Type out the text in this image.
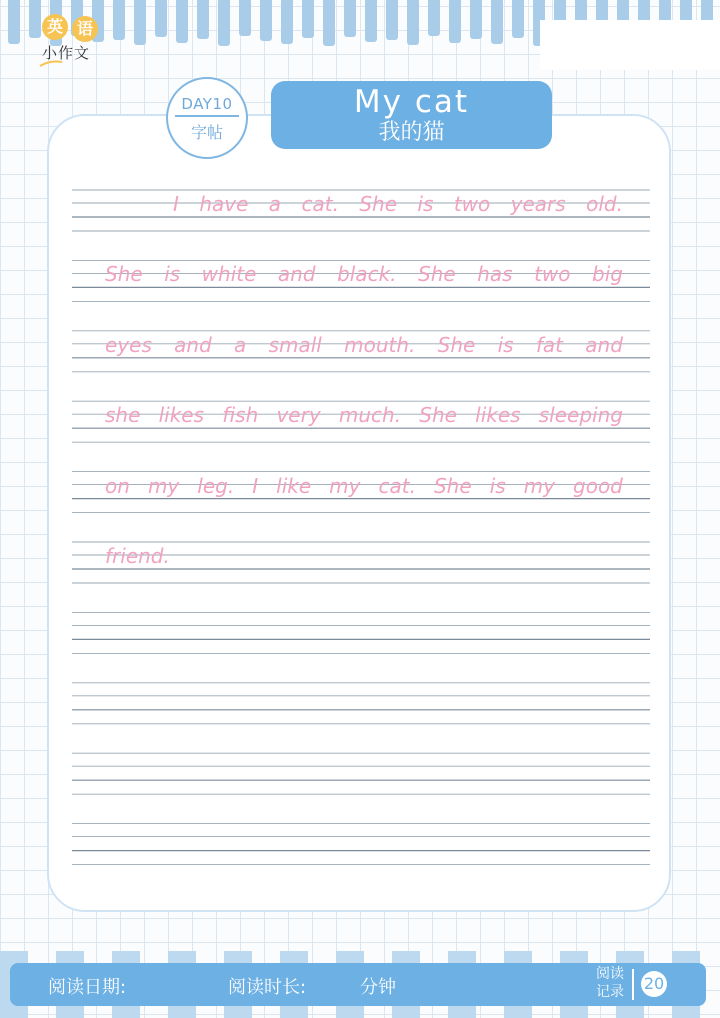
英 语
小作文
DAY10
字帖
My cat
我的猫
I have a cat. She is two years old.
She is white and black. She has two big
eyes and a small mouth. She is fat and
she likes fish very much. She likes sleeping
on my leg. I like my cat. She is my good
friend.
阅读日期:	阅读时长:	分钟
阅读
记录 20
